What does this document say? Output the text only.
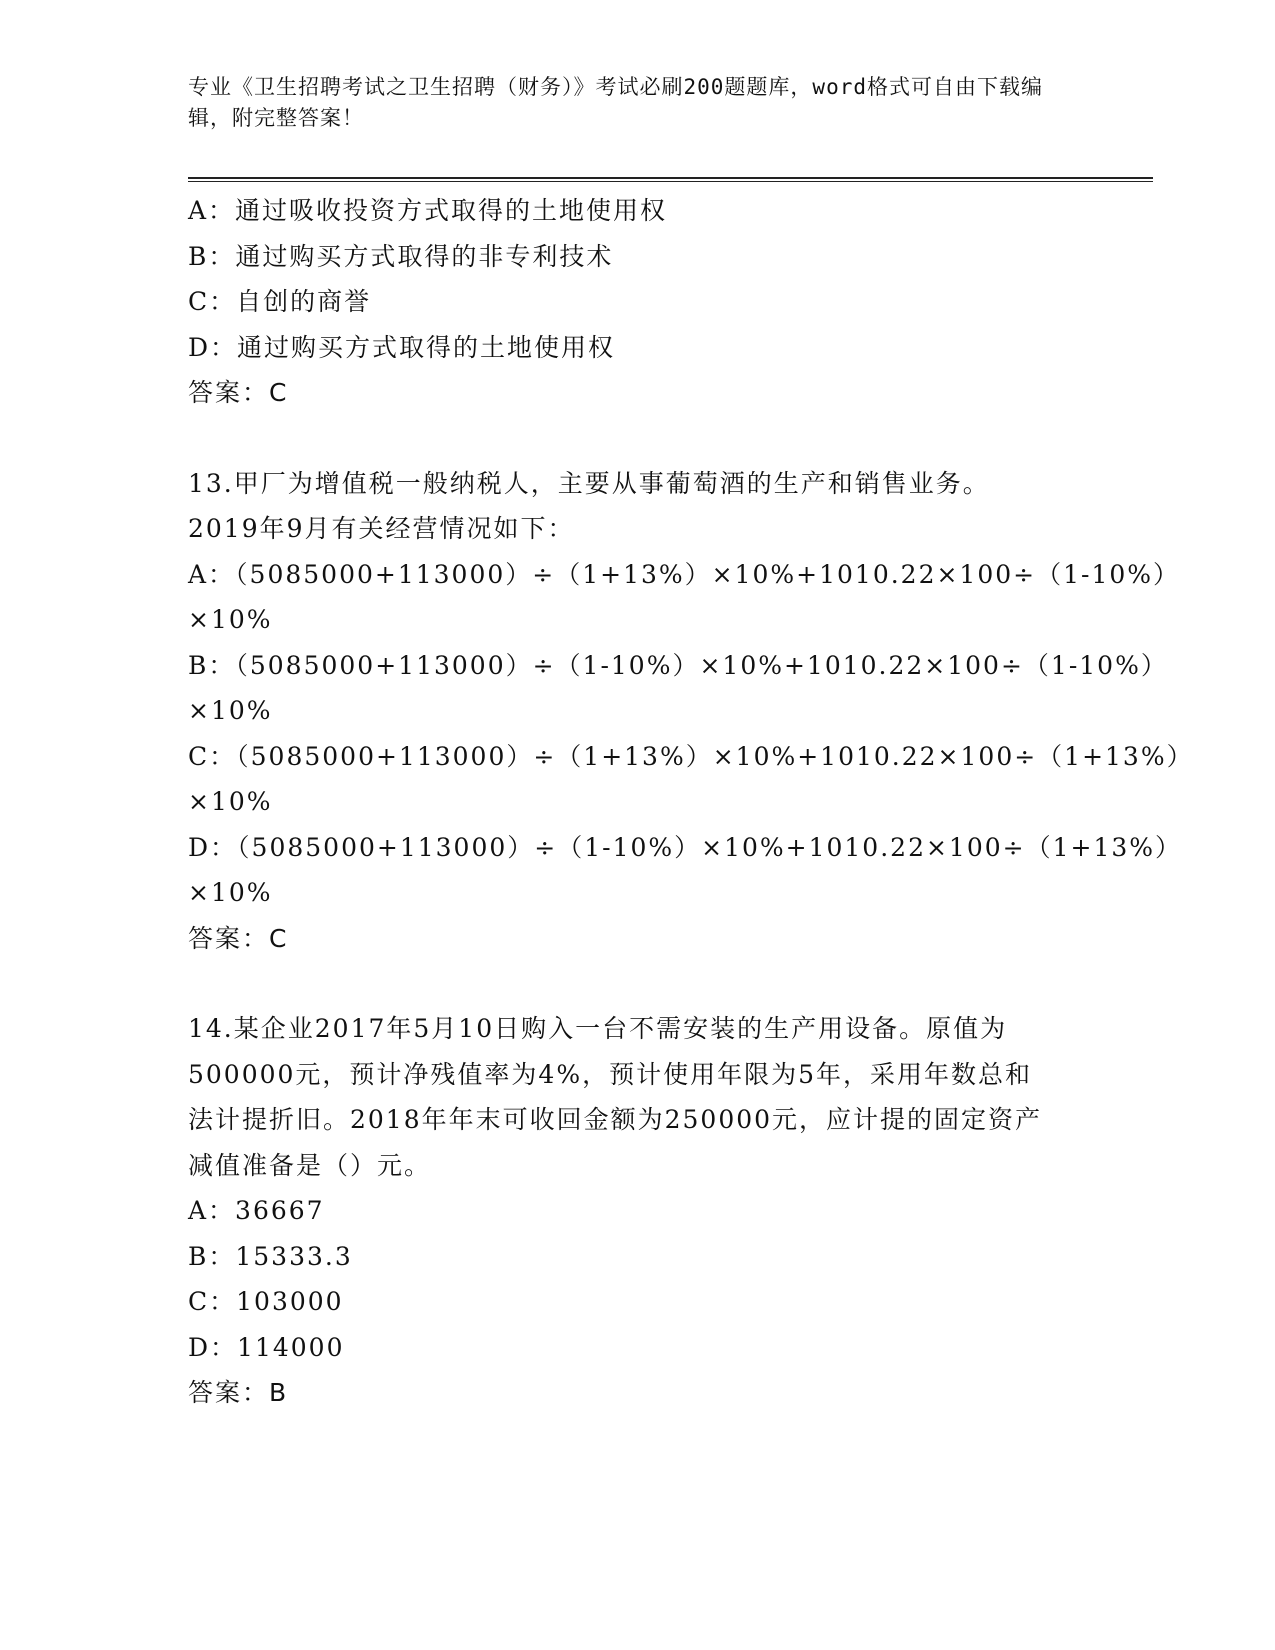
专业《卫生招聘考试之卫生招聘（财务）》考试必刷200题题库，word格式可自由下载编辑，附完整答案！
A：通过吸收投资方式取得的土地使用权
B：通过购买方式取得的非专利技术
C：自创的商誉
D：通过购买方式取得的土地使用权
答案：C
13.甲厂为增值税一般纳税人，主要从事葡萄酒的生产和销售业务。
2019年9月有关经营情况如下：
A：（5085000+113000）÷（1+13%）×10%+1010.22×100÷（1-10%）
×10%
B：（5085000+113000）÷（1-10%）×10%+1010.22×100÷（1-10%）
×10%
C：（5085000+113000）÷（1+13%）×10%+1010.22×100÷（1+13%）
×10%
D：（5085000+113000）÷（1-10%）×10%+1010.22×100÷（1+13%）
×10%
答案：C
14.某企业2017年5月10日购入一台不需安装的生产用设备。原值为
500000元，预计净残值率为4%，预计使用年限为5年，采用年数总和
法计提折旧。2018年年末可收回金额为250000元，应计提的固定资产
减值准备是（）元。
A：36667
B：15333.3
C：103000
D：114000
答案：B
